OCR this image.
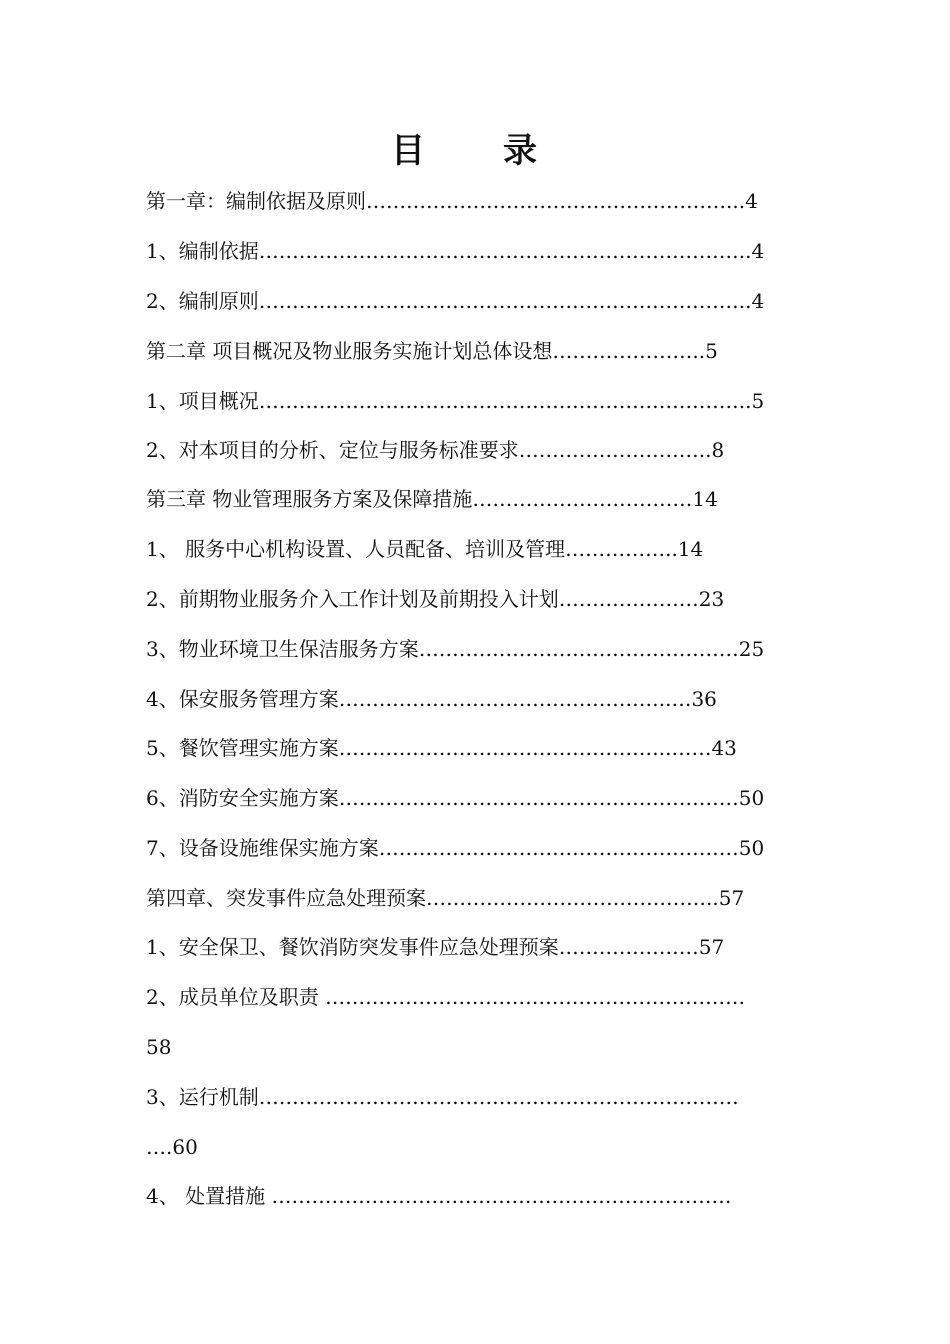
目　录
第一章：编制依据及原则………………………………………………...4
1、编制依据………………………………………………………………..4
2、编制原则………………………………………………………………..4
第二章 项目概况及物业服务实施计划总体设想…………………..5
1、项目概况………………………………………………………………..5
2、对本项目的分析、定位与服务标准要求………………………..8
第三章 物业管理服务方案及保障措施……………………………14
1、 服务中心机构设置、人员配备、培训及管理……………..14
2、前期物业服务介入工作计划及前期投入计划…………………23
3、物业环境卫生保洁服务方案…………………………………………25
4、保安服务管理方案…………………………………………..…36
5、餐饮管理实施方案…………………………………………..……43
6、消防安全实施方案……………………………………………………50
7、设备设施维保实施方案………………………………………………50
第四章、突发事件应急处理预案……………………………………..57
1、安全保卫、餐饮消防突发事件应急处理预案…………………57
2、成员单位及职责 ………………………………………………………
58
3、运行机制………………………………………………………………
….60
4、 处置措施 ……………………………………………………………
